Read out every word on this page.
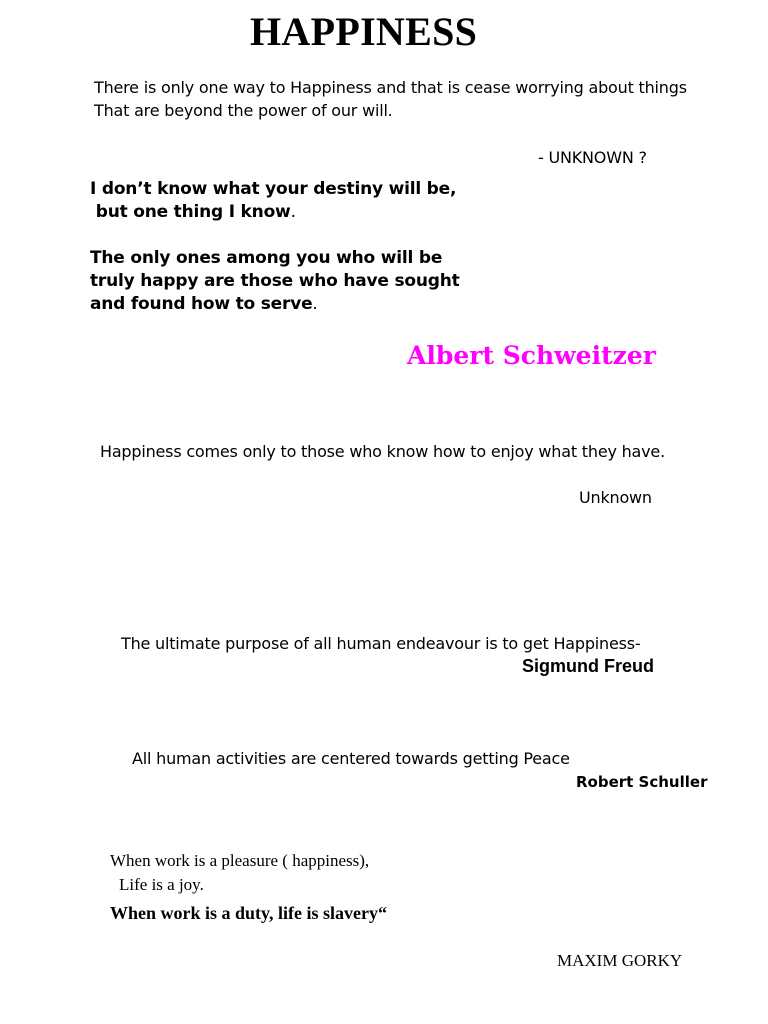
HAPPINESS
There is only one way to Happiness and that is cease worrying about things
That are beyond the power of our will.
- UNKNOWN ?
I don’t know what your destiny will be,
but one thing I know.
The only ones among you who will be
truly happy are those who have sought
and found how to serve.
Albert Schweitzer
Happiness comes only to those who know how to enjoy what they have.
Unknown
The ultimate purpose of all human endeavour is to get Happiness-
Sigmund Freud
All human activities are centered towards getting Peace
Robert Schuller
When work is a pleasure ( happiness),
Life is a joy.
When work is a duty, life is slavery“
MAXIM GORKY
